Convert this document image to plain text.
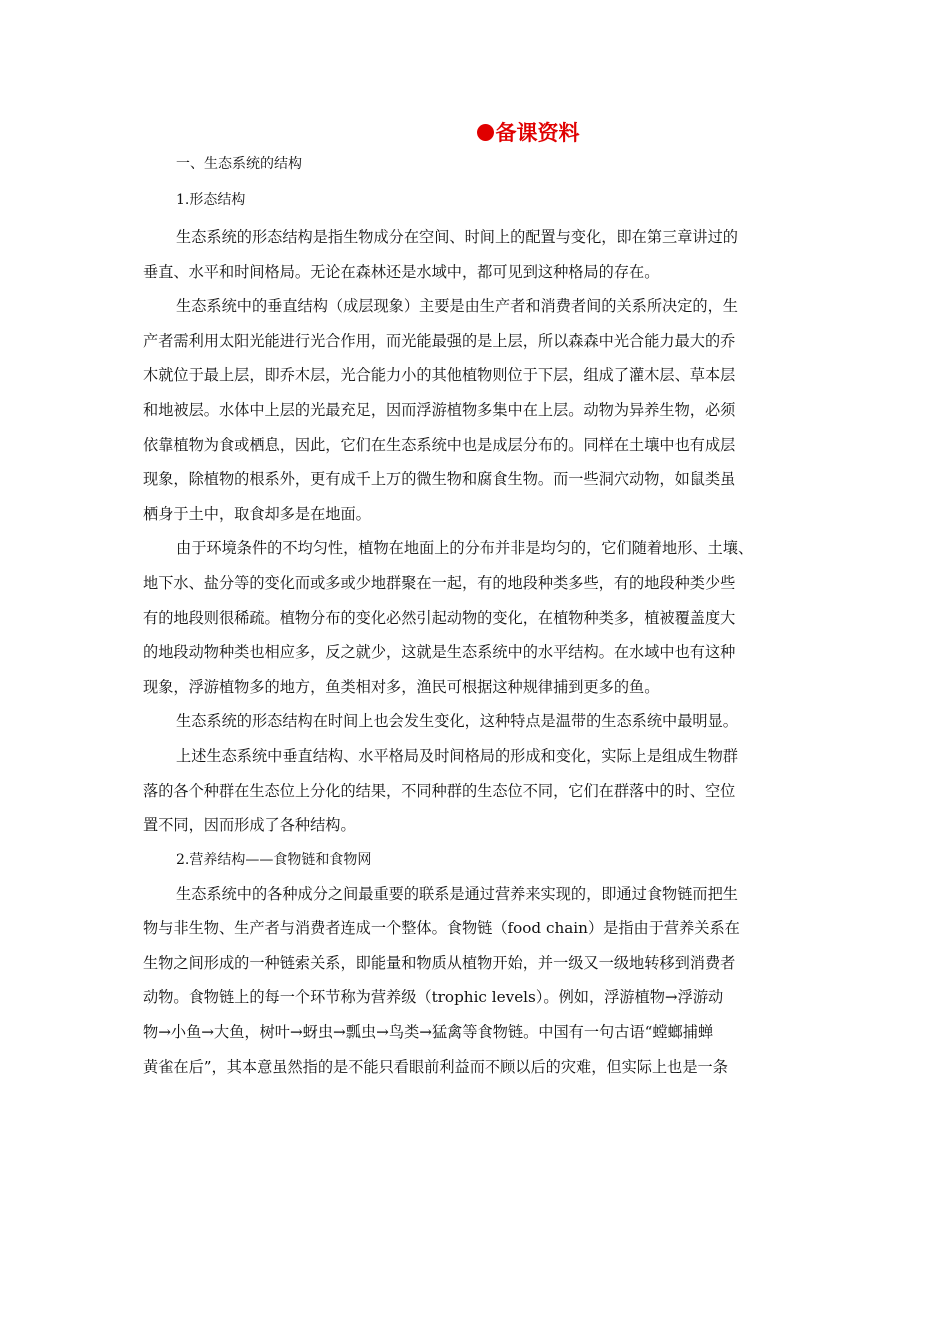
备课资料
一、生态系统的结构
1.形态结构
生态系统的形态结构是指生物成分在空间、时间上的配置与变化，即在第三章讲过的
垂直、水平和时间格局。无论在森林还是水域中，都可见到这种格局的存在。
生态系统中的垂直结构（成层现象）主要是由生产者和消费者间的关系所决定的，生
产者需利用太阳光能进行光合作用，而光能最强的是上层，所以森森中光合能力最大的乔
木就位于最上层，即乔木层，光合能力小的其他植物则位于下层，组成了灌木层、草本层
和地被层。水体中上层的光最充足，因而浮游植物多集中在上层。动物为异养生物，必须
依靠植物为食或栖息，因此，它们在生态系统中也是成层分布的。同样在土壤中也有成层
现象，除植物的根系外，更有成千上万的微生物和腐食生物。而一些洞穴动物，如鼠类虽
栖身于土中，取食却多是在地面。
由于环境条件的不均匀性，植物在地面上的分布并非是均匀的，它们随着地形、土壤、
地下水、盐分等的变化而或多或少地群聚在一起，有的地段种类多些，有的地段种类少些
有的地段则很稀疏。植物分布的变化必然引起动物的变化，在植物种类多，植被覆盖度大
的地段动物种类也相应多，反之就少，这就是生态系统中的水平结构。在水域中也有这种
现象，浮游植物多的地方，鱼类相对多，渔民可根据这种规律捕到更多的鱼。
生态系统的形态结构在时间上也会发生变化，这种特点是温带的生态系统中最明显。
上述生态系统中垂直结构、水平格局及时间格局的形成和变化，实际上是组成生物群
落的各个种群在生态位上分化的结果，不同种群的生态位不同，它们在群落中的时、空位
置不同，因而形成了各种结构。
2.营养结构——食物链和食物网
生态系统中的各种成分之间最重要的联系是通过营养来实现的，即通过食物链而把生
物与非生物、生产者与消费者连成一个整体。食物链（food chain）是指由于营养关系在
生物之间形成的一种链索关系，即能量和物质从植物开始，并一级又一级地转移到消费者
动物。食物链上的每一个环节称为营养级（trophic levels）。例如，浮游植物→浮游动
物→小鱼→大鱼，树叶→蚜虫→瓢虫→鸟类→猛禽等食物链。中国有一句古语“螳螂捕蝉
黄雀在后”，其本意虽然指的是不能只看眼前利益而不顾以后的灾难，但实际上也是一条
